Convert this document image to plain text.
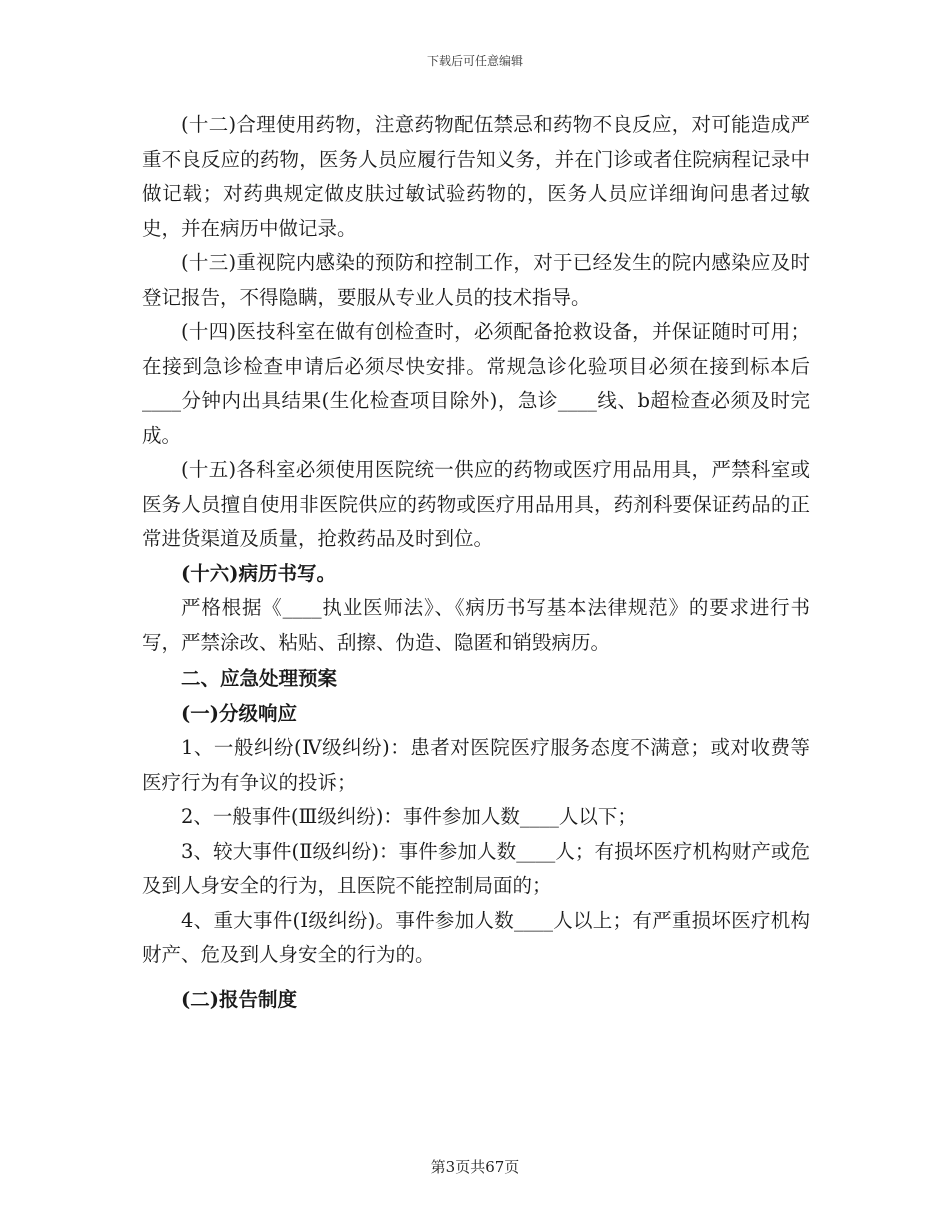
下载后可任意编辑

(十二)合理使用药物，注意药物配伍禁忌和药物不良反应，对可能造成严重不良反应的药物，医务人员应履行告知义务，并在门诊或者住院病程记录中做记载；对药典规定做皮肤过敏试验药物的，医务人员应详细询问患者过敏史，并在病历中做记录。

(十三)重视院内感染的预防和控制工作，对于已经发生的院内感染应及时登记报告，不得隐瞒，要服从专业人员的技术指导。

(十四)医技科室在做有创检查时，必须配备抢救设备，并保证随时可用；在接到急诊检查申请后必须尽快安排。常规急诊化验项目必须在接到标本后____分钟内出具结果(生化检查项目除外)，急诊____线、b超检查必须及时完成。

(十五)各科室必须使用医院统一供应的药物或医疗用品用具，严禁科室或医务人员擅自使用非医院供应的药物或医疗用品用具，药剂科要保证药品的正常进货渠道及质量，抢救药品及时到位。

(十六)病历书写。

严格根据《____执业医师法》、《病历书写基本法律规范》的要求进行书写，严禁涂改、粘贴、刮擦、伪造、隐匿和销毁病历。

二、应急处理预案

(一)分级响应

1、一般纠纷(Ⅳ级纠纷)：患者对医院医疗服务态度不满意；或对收费等医疗行为有争议的投诉；

2、一般事件(Ⅲ级纠纷)：事件参加人数____人以下；

3、较大事件(Ⅱ级纠纷)：事件参加人数____人；有损坏医疗机构财产或危及到人身安全的行为，且医院不能控制局面的；

4、重大事件(Ⅰ级纠纷)。事件参加人数____人以上；有严重损坏医疗机构财产、危及到人身安全的行为的。

(二)报告制度

第3页共67页
